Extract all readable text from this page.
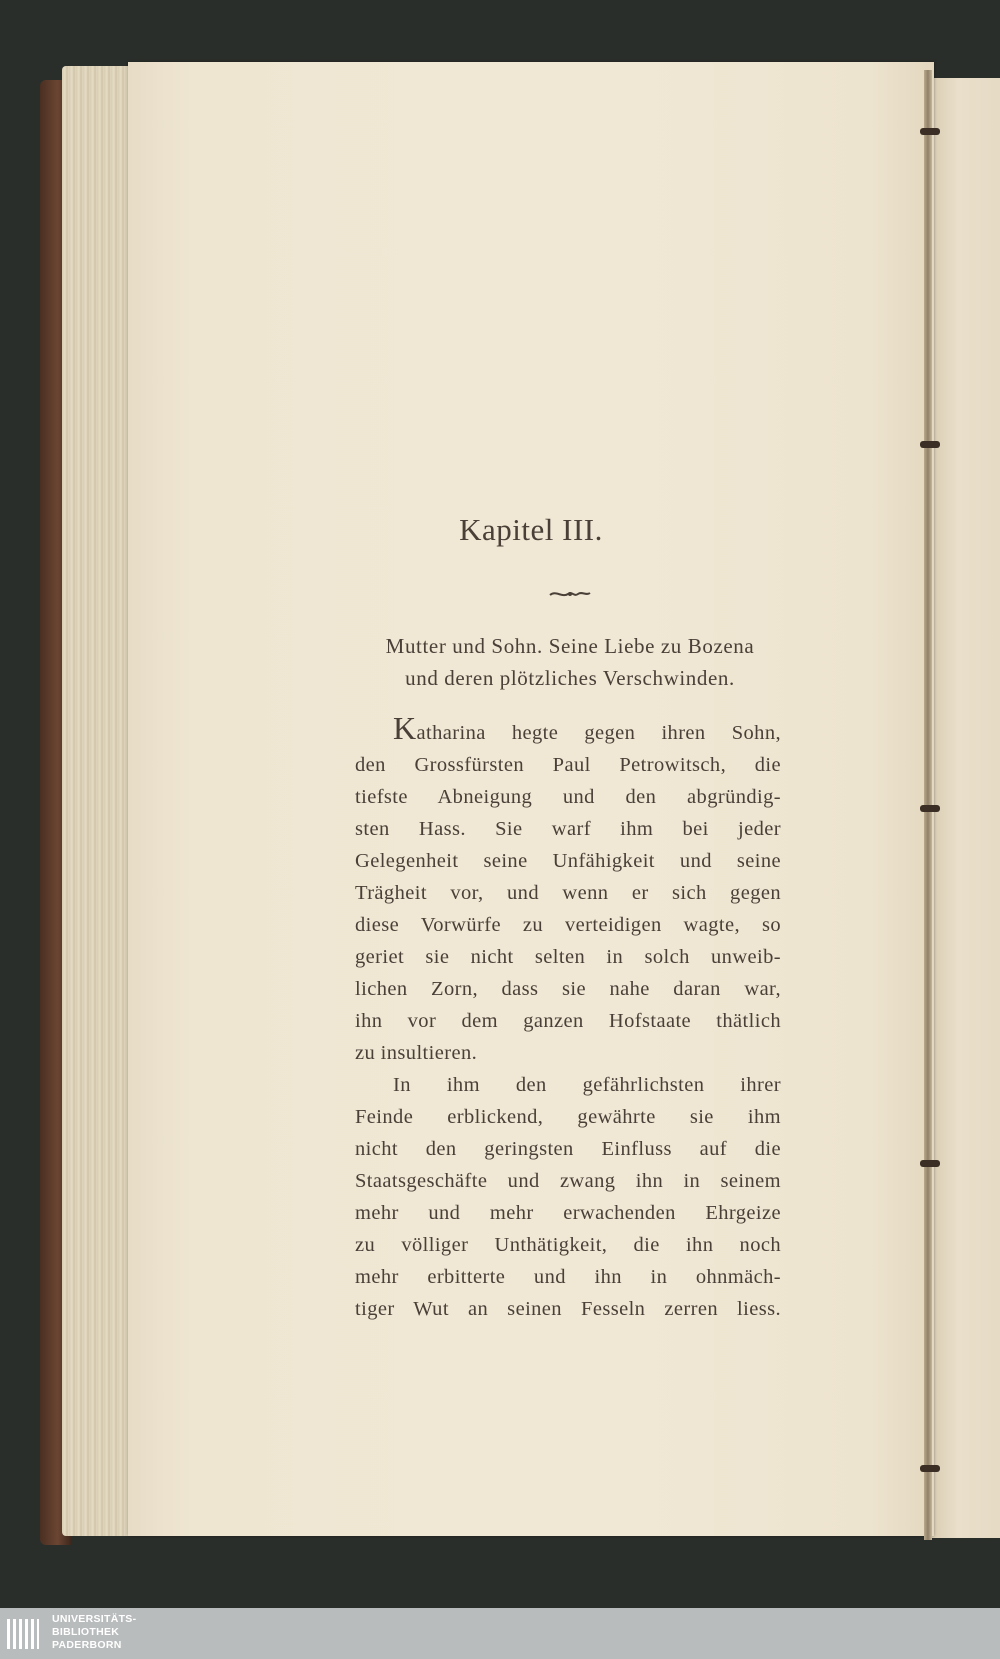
Kapitel III.
Mutter und Sohn. Seine Liebe zu Bozena
und deren plötzliches Verschwinden.
Katharina hegte gegen ihren Sohn,
den Grossfürsten Paul Petrowitsch, die
tiefste Abneigung und den abgründig-
sten Hass. Sie warf ihm bei jeder
Gelegenheit seine Unfähigkeit und seine
Trägheit vor, und wenn er sich gegen
diese Vorwürfe zu verteidigen wagte, so
geriet sie nicht selten in solch unweib-
lichen Zorn, dass sie nahe daran war,
ihn vor dem ganzen Hofstaate thätlich
zu insultieren.
In ihm den gefährlichsten ihrer
Feinde erblickend, gewährte sie ihm
nicht den geringsten Einfluss auf die
Staatsgeschäfte und zwang ihn in seinem
mehr und mehr erwachenden Ehrgeize
zu völliger Unthätigkeit, die ihn noch
mehr erbitterte und ihn in ohnmäch-
tiger Wut an seinen Fesseln zerren liess.
UNIVERSITÄTS-
BIBLIOTHEK
PADERBORN
